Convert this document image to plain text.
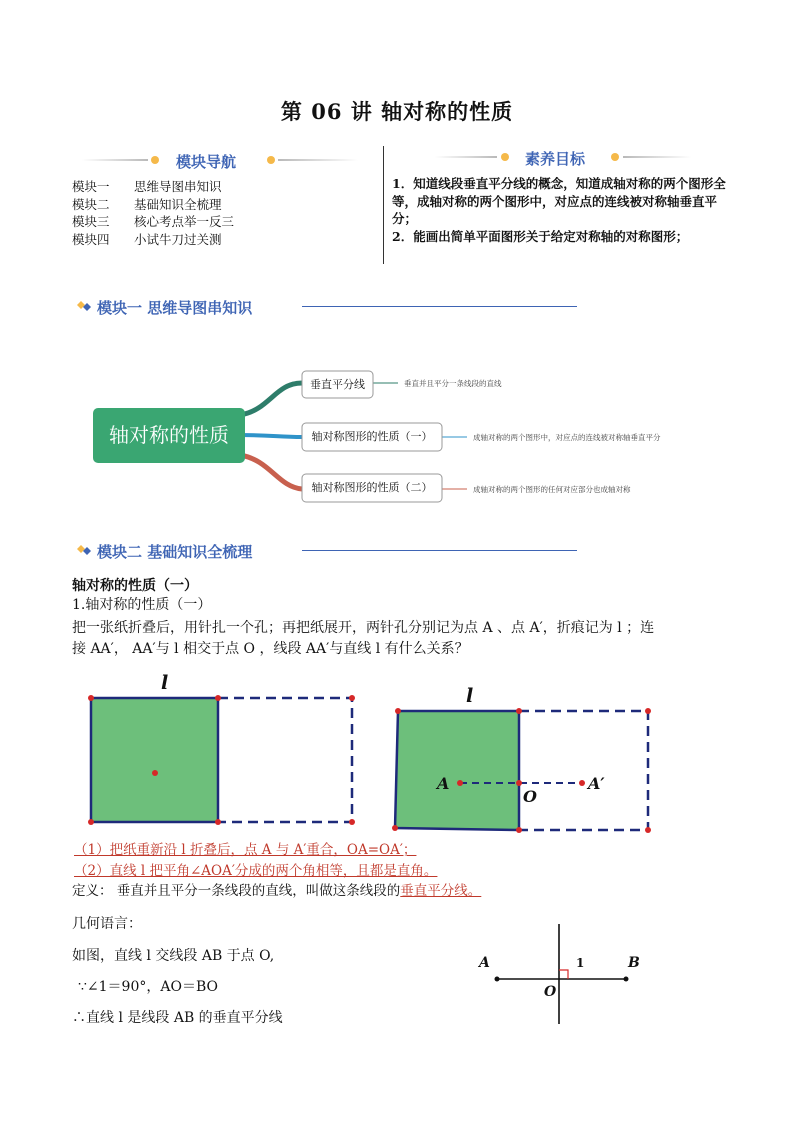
第 06 讲 轴对称的性质
模块导航
模块一 思维导图串知识
模块二 基础知识全梳理
模块三 核心考点举一反三
模块四 小试牛刀过关测
素养目标
1．知道线段垂直平分线的概念，知道成轴对称的两个图形全等，成轴对称的两个图形中，对应点的连线被对称轴垂直平分；
2．能画出简单平面图形关于给定对称轴的对称图形；
模块一 思维导图串知识
轴对称的性质
垂直平分线
轴对称图形的性质（一）
轴对称图形的性质（二）
垂直并且平分一条线段的直线
成轴对称的两个图形中，对应点的连线被对称轴垂直平分
成轴对称的两个图形的任何对应部分也成轴对称
模块二 基础知识全梳理
轴对称的性质（一）
1.轴对称的性质（一）
把一张纸折叠后，用针扎一个孔；再把纸展开，两针孔分别记为点 A 、点 A′，折痕记为 l ；连
接 AA′， AA′与 l 相交于点 O ，线段 AA′与直线 l 有什么关系？
l
l
A
O
A′
（1）把纸重新沿 l 折叠后，点 A 与 A′重合，OA=OA′；
（2）直线 l 把平角∠AOA′分成的两个角相等，且都是直角。
定义： 垂直并且平分一条线段的直线，叫做这条线段的垂直平分线。
几何语言：
如图，直线 l 交线段 AB 于点 O,
∵∠1＝90°，AO＝BO
∴直线 l 是线段 AB 的垂直平分线
A	B
O
1
